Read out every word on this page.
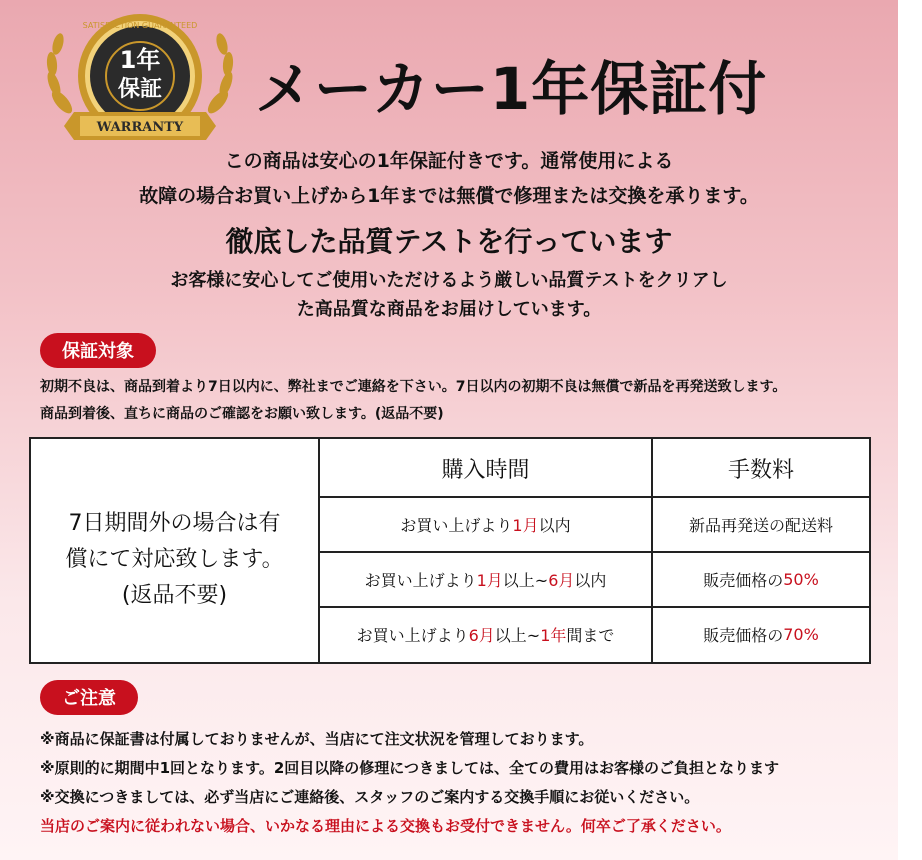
SATISFACTION GUARANTEED
1年
保証
WARRANTY
メーカー1年保証付
この商品は安心の1年保証付きです。通常使用による
故障の場合お買い上げから1年までは無償で修理または交換を承ります。
徹底した品質テストを行っています
お客様に安心してご使用いただけるよう厳しい品質テストをクリアし
た高品質な商品をお届けしています。
保証対象
初期不良は、商品到着より7日以内に、弊社までご連絡を下さい。7日以内の初期不良は無償で新品を再発送致します。
商品到着後、直ちに商品のご確認をお願い致します。(返品不要)
7日期間外の場合は有
償にて対応致します。
(返品不要)
購入時間	手数料
お買い上げより 1月 以内	新品再発送の配送料
お買い上げより 1月 以上~ 6月 以内	販売価格の 50%
お買い上げより 6月 以上~ 1年 間まで	販売価格の 70%
ご注意
※商品に保証書は付属しておりませんが、当店にて注文状況を管理しております。
※原則的に期間中1回となります。2回目以降の修理につきましては、全ての費用はお客様のご負担となります
※交換につきましては、必ず当店にご連絡後、スタッフのご案内する交換手順にお従いください。
当店のご案内に従われない場合、いかなる理由による交換もお受付できません。何卒ご了承ください。
